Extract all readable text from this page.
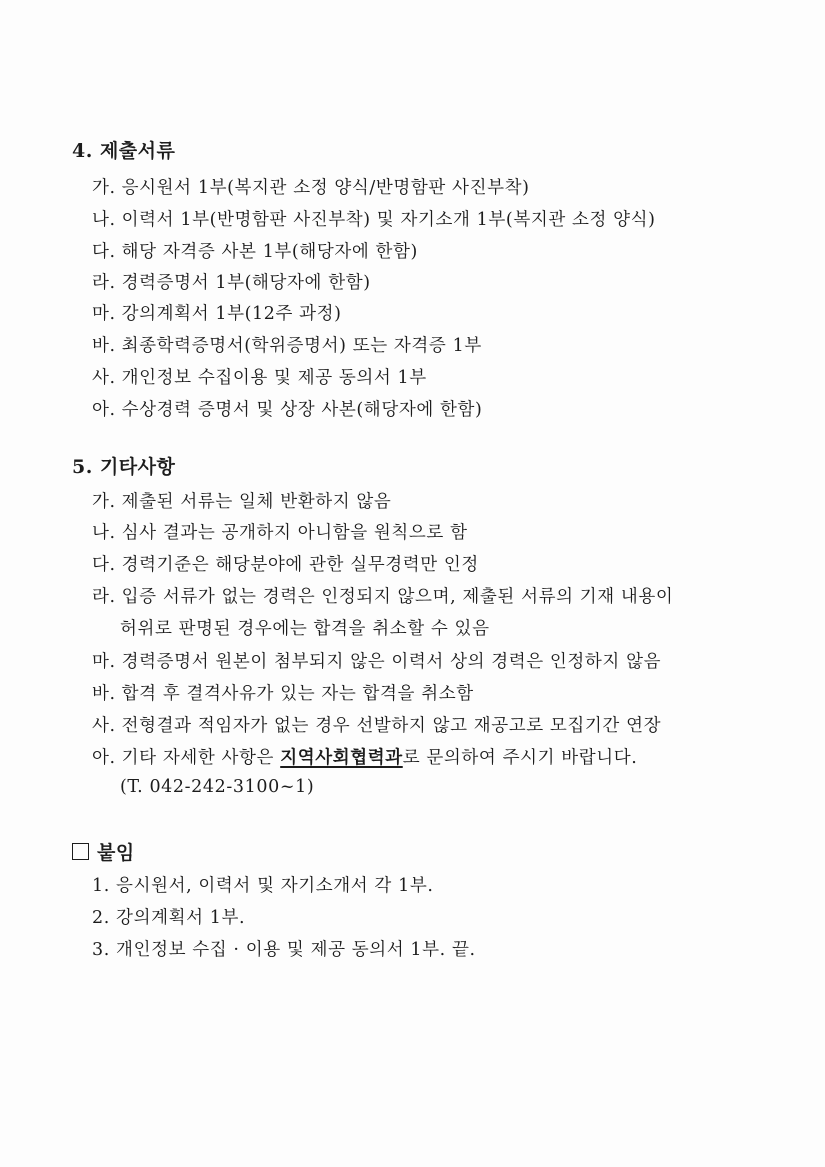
4. 제출서류
가. 응시원서 1부(복지관 소정 양식/반명함판 사진부착)
나. 이력서 1부(반명함판 사진부착) 및 자기소개 1부(복지관 소정 양식)
다. 해당 자격증 사본 1부(해당자에 한함)
라. 경력증명서 1부(해당자에 한함)
마. 강의계획서 1부(12주 과정)
바. 최종학력증명서(학위증명서) 또는 자격증 1부
사. 개인정보 수집이용 및 제공 동의서 1부
아. 수상경력 증명서 및 상장 사본(해당자에 한함)
5. 기타사항
가. 제출된 서류는 일체 반환하지 않음
나. 심사 결과는 공개하지 아니함을 원칙으로 함
다. 경력기준은 해당분야에 관한 실무경력만 인정
라. 입증 서류가 없는 경력은 인정되지 않으며, 제출된 서류의 기재 내용이
허위로 판명된 경우에는 합격을 취소할 수 있음
마. 경력증명서 원본이 첨부되지 않은 이력서 상의 경력은 인정하지 않음
바. 합격 후 결격사유가 있는 자는 합격을 취소함
사. 전형결과 적임자가 없는 경우 선발하지 않고 재공고로 모집기간 연장
아. 기타 자세한 사항은 지역사회협력과로 문의하여 주시기 바랍니다.
(T. 042-242-3100~1)
붙임
1. 응시원서, 이력서 및 자기소개서 각 1부.
2. 강의계획서 1부.
3. 개인정보 수집 · 이용 및 제공 동의서 1부. 끝.
